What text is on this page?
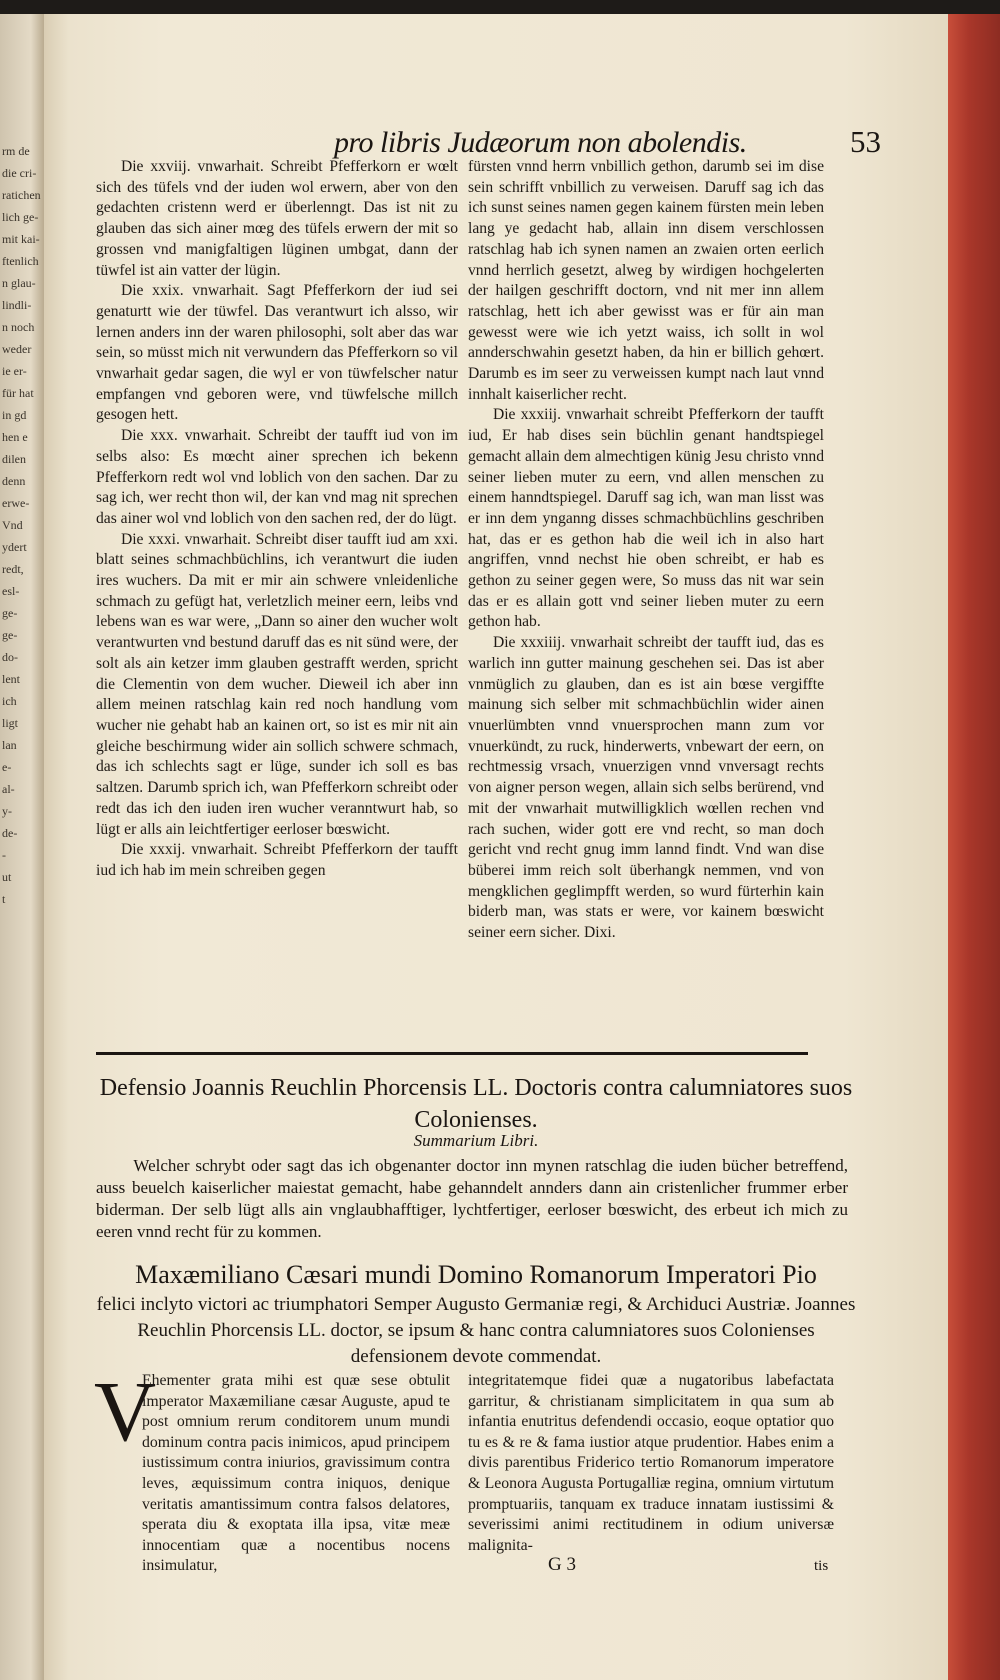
rm de
die cri-
ratichen
lich ge-
mit kai-
ftenlich
n glau-
lindli-
n noch
weder
ie er-
für hat
in gd
hen e
dilen
denn
erwe-
Vnd
ydert
redt,
esl-
ge-
ge-
do-
lent
ich
ligt
lan
e-
al-
y-
de-
-
ut
t
pro libris Judæorum non abolendis.	53

Die xxviij. vnwarhait. Schreibt Pfefferkorn er wœlt sich des tüfels vnd der iuden wol erwern, aber von den gedachten cristenn werd er überlenngt. Das ist nit zu glauben das sich ainer mœg des tüfels erwern der mit so grossen vnd manigfaltigen lüginen umbgat, dann der tüwfel ist ain vatter der lügin.

Die xxix. vnwarhait. Sagt Pfefferkorn der iud sei genaturtt wie der tüwfel. Das verantwurt ich alsso, wir lernen anders inn der waren philosophi, solt aber das war sein, so müsst mich nit verwundern das Pfefferkorn so vil vnwarhait gedar sagen, die wyl er von tüwfelscher natur empfangen vnd geboren were, vnd tüwfelsche millch gesogen hett.

Die xxx. vnwarhait. Schreibt der taufft iud von im selbs also: Es mœcht ainer sprechen ich bekenn Pfefferkorn redt wol vnd loblich von den sachen. Dar zu sag ich, wer recht thon wil, der kan vnd mag nit sprechen das ainer wol vnd loblich von den sachen red, der do lügt.

Die xxxi. vnwarhait. Schreibt diser taufft iud am xxi. blatt seines schmachbüchlins, ich verantwurt die iuden ires wuchers. Da mit er mir ain schwere vnleidenliche schmach zu gefügt hat, verletzlich meiner eern, leibs vnd lebens wan es war were, „Dann so ainer den wucher wolt verantwurten vnd bestund daruff das es nit sünd were, der solt als ain ketzer imm glauben gestrafft werden, spricht die Clementin von dem wucher. Dieweil ich aber inn allem meinen ratschlag kain red noch handlung vom wucher nie gehabt hab an kainen ort, so ist es mir nit ain gleiche beschirmung wider ain sollich schwere schmach, das ich schlechts sagt er lüge, sunder ich soll es bas saltzen. Darumb sprich ich, wan Pfefferkorn schreibt oder redt das ich den iuden iren wucher veranntwurt hab, so lügt er alls ain leichtfertiger eerloser bœswicht.

Die xxxij. vnwarhait. Schreibt Pfefferkorn der taufft iud ich hab im mein schreiben gegen

fürsten vnnd herrn vnbillich gethon, darumb sei im dise sein schrifft vnbillich zu verweisen. Daruff sag ich das ich sunst seines namen gegen kainem fürsten mein leben lang ye gedacht hab, allain inn disem verschlossen ratschlag hab ich synen namen an zwaien orten eerlich vnnd herrlich gesetzt, alweg by wirdigen hochgelerten der hailgen geschrifft doctorn, vnd nit mer inn allem ratschlag, hett ich aber gewisst was er für ain man gewesst were wie ich yetzt waiss, ich sollt in wol annderschwahin gesetzt haben, da hin er billich gehœrt. Darumb es im seer zu verweissen kumpt nach laut vnnd innhalt kaiserlicher recht.

Die xxxiij. vnwarhait schreibt Pfefferkorn der taufft iud, Er hab dises sein büchlin genant handtspiegel gemacht allain dem almechtigen künig Jesu christo vnnd seiner lieben muter zu eern, vnd allen menschen zu einem hanndtspiegel. Daruff sag ich, wan man lisst was er inn dem ynganng disses schmachbüchlins geschriben hat, das er es gethon hab die weil ich in also hart angriffen, vnnd nechst hie oben schreibt, er hab es gethon zu seiner gegen were, So muss das nit war sein das er es allain gott vnd seiner lieben muter zu eern gethon hab.

Die xxxiiij. vnwarhait schreibt der taufft iud, das es warlich inn gutter mainung geschehen sei. Das ist aber vnmüglich zu glauben, dan es ist ain bœse vergiffte mainung sich selber mit schmachbüchlin wider ainen vnuerlümbten vnnd vnuersprochen mann zum vor vnuerkündt, zu ruck, hinderwerts, vnbewart der eern, on rechtmessig vrsach, vnuerzigen vnnd vnversagt rechts von aigner person wegen, allain sich selbs berürend, vnd mit der vnwarhait mutwilligklich wœllen rechen vnd rach suchen, wider gott ere vnd recht, so man doch gericht vnd recht gnug imm lannd findt. Vnd wan dise büberei imm reich solt überhangk nemmen, vnd von mengklichen geglimpfft werden, so wurd fürterhin kain biderb man, was stats er were, vor kainem bœswicht seiner eern sicher. Dixi.

Defensio Joannis Reuchlin Phorcensis LL. Doctoris contra calumniatores suos Colonienses.
Summarium Libri.
Welcher schrybt oder sagt das ich obgenanter doctor inn mynen ratschlag die iuden bücher betreffend, auss beuelch kaiserlicher maiestat gemacht, habe gehanndelt annders dann ain cristenlicher frummer erber biderman. Der selb lügt alls ain vnglaubhafftiger, lychtfertiger, eerloser bœswicht, des erbeut ich mich zu eeren vnnd recht für zu kommen.
Maxæmiliano Cæsari mundi Domino Romanorum Imperatori Pio
felici inclyto victori ac triumphatori Semper Augusto Germaniæ regi, & Archiduci Austriæ. Joannes Reuchlin Phorcensis LL. doctor, se ipsum & hanc contra calumniatores suos Colonienses defensionem devote commendat.
V

Ehementer grata mihi est quæ sese obtulit imperator Maxæmiliane cæsar Auguste, apud te post omnium rerum conditorem unum mundi dominum contra pacis inimicos, apud principem iustissimum contra iniurios, gravissimum contra leves, æquissimum contra iniquos, denique veritatis amantissimum contra falsos delatores, sperata diu & exoptata illa ipsa, vitæ meæ innocentiam quæ a nocentibus nocens insimulatur,

integritatemque fidei quæ a nugatoribus labefactata garritur, & christianam simplicitatem in qua sum ab infantia enutritus defendendi occasio, eoque optatior quo tu es & re & fama iustior atque prudentior. Habes enim a divis parentibus Friderico tertio Romanorum imperatore & Leonora Augusta Portugalliæ regina, omnium virtutum promptuariis, tanquam ex traduce innatam iustissimi & severissimi animi rectitudinem in odium universæ malignita-
G 3	tis
